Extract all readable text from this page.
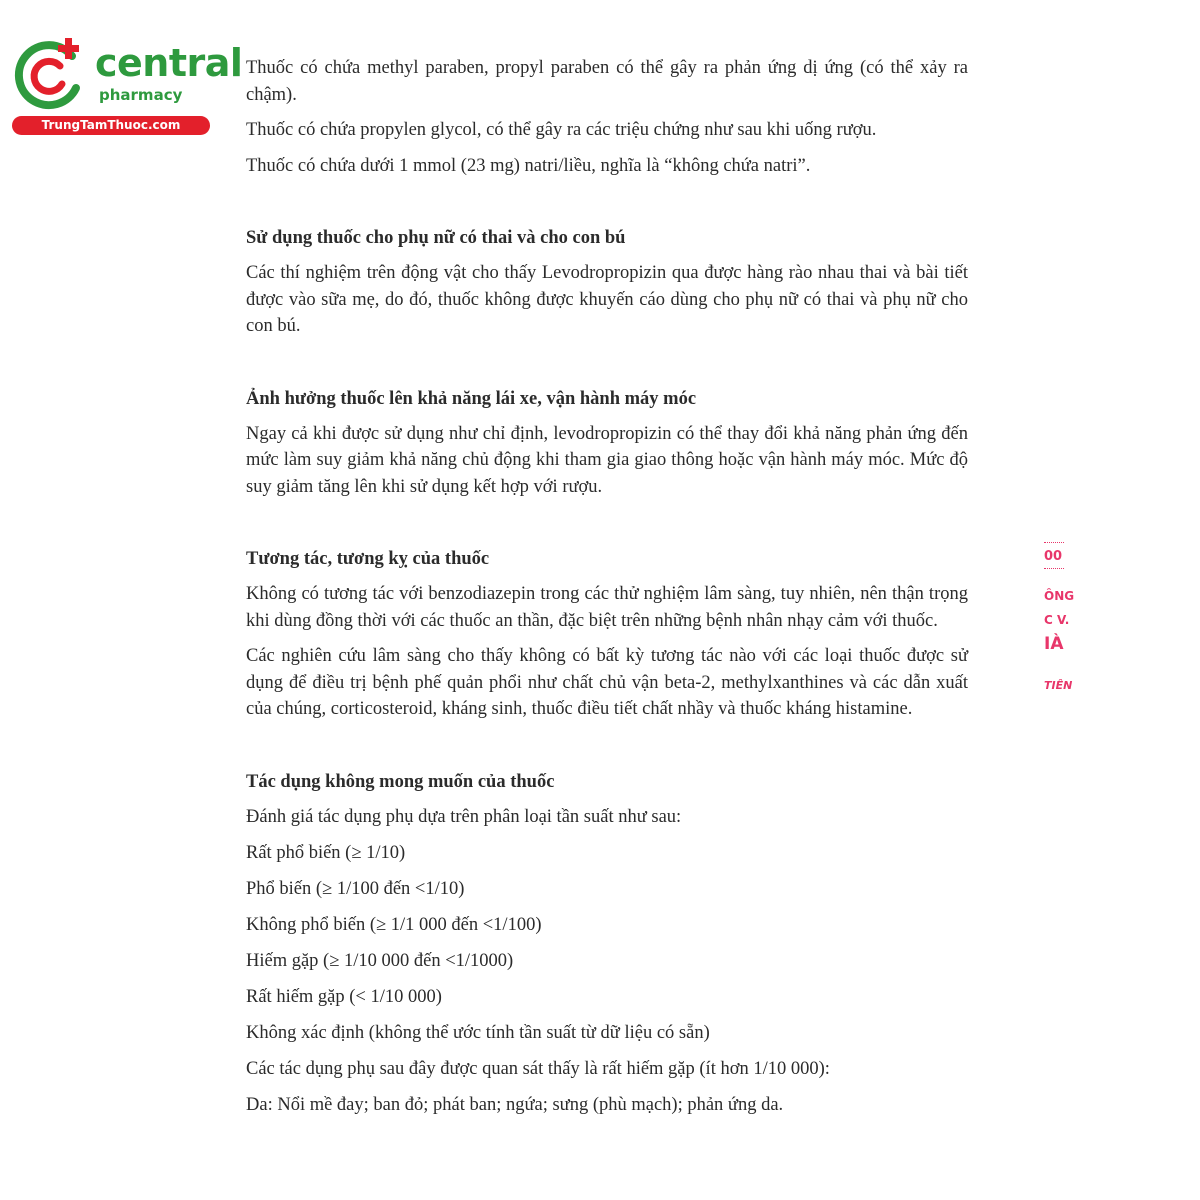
central
pharmacy
TrungTamThuoc.com

Thuốc có chứa methyl paraben, propyl paraben có thể gây ra phản ứng dị ứng (có thể xảy ra chậm).

Thuốc có chứa propylen glycol, có thể gây ra các triệu chứng như sau khi uống rượu.

Thuốc có chứa dưới 1 mmol (23 mg) natri/liều, nghĩa là “không chứa natri”.

Sử dụng thuốc cho phụ nữ có thai và cho con bú

Các thí nghiệm trên động vật cho thấy Levodropropizin qua được hàng rào nhau thai và bài tiết được vào sữa mẹ, do đó, thuốc không được khuyến cáo dùng cho phụ nữ có thai và phụ nữ cho con bú.

Ảnh hưởng thuốc lên khả năng lái xe, vận hành máy móc

Ngay cả khi được sử dụng như chỉ định, levodropropizin có thể thay đổi khả năng phản ứng đến mức làm suy giảm khả năng chủ động khi tham gia giao thông hoặc vận hành máy móc. Mức độ suy giảm tăng lên khi sử dụng kết hợp với rượu.

Tương tác, tương kỵ của thuốc

Không có tương tác với benzodiazepin trong các thử nghiệm lâm sàng, tuy nhiên, nên thận trọng khi dùng đồng thời với các thuốc an thần, đặc biệt trên những bệnh nhân nhạy cảm với thuốc.

Các nghiên cứu lâm sàng cho thấy không có bất kỳ tương tác nào với các loại thuốc được sử dụng để điều trị bệnh phế quản phổi như chất chủ vận beta-2, methylxanthines và các dẫn xuất của chúng, corticosteroid, kháng sinh, thuốc điều tiết chất nhầy và thuốc kháng histamine.

Tác dụng không mong muốn của thuốc

Đánh giá tác dụng phụ dựa trên phân loại tần suất như sau:

Rất phổ biến (≥ 1/10)

Phổ biến (≥ 1/100 đến <1/10)

Không phổ biến (≥ 1/1 000 đến <1/100)

Hiếm gặp (≥ 1/10 000 đến <1/1000)

Rất hiếm gặp (< 1/10 000)

Không xác định (không thể ước tính tần suất từ dữ liệu có sẵn)

Các tác dụng phụ sau đây được quan sát thấy là rất hiếm gặp (ít hơn 1/10 000):

Da: Nổi mề đay; ban đỏ; phát ban; ngứa; sưng (phù mạch); phản ứng da.

00
ÔNG
C V.
IÀ
TIÊN
